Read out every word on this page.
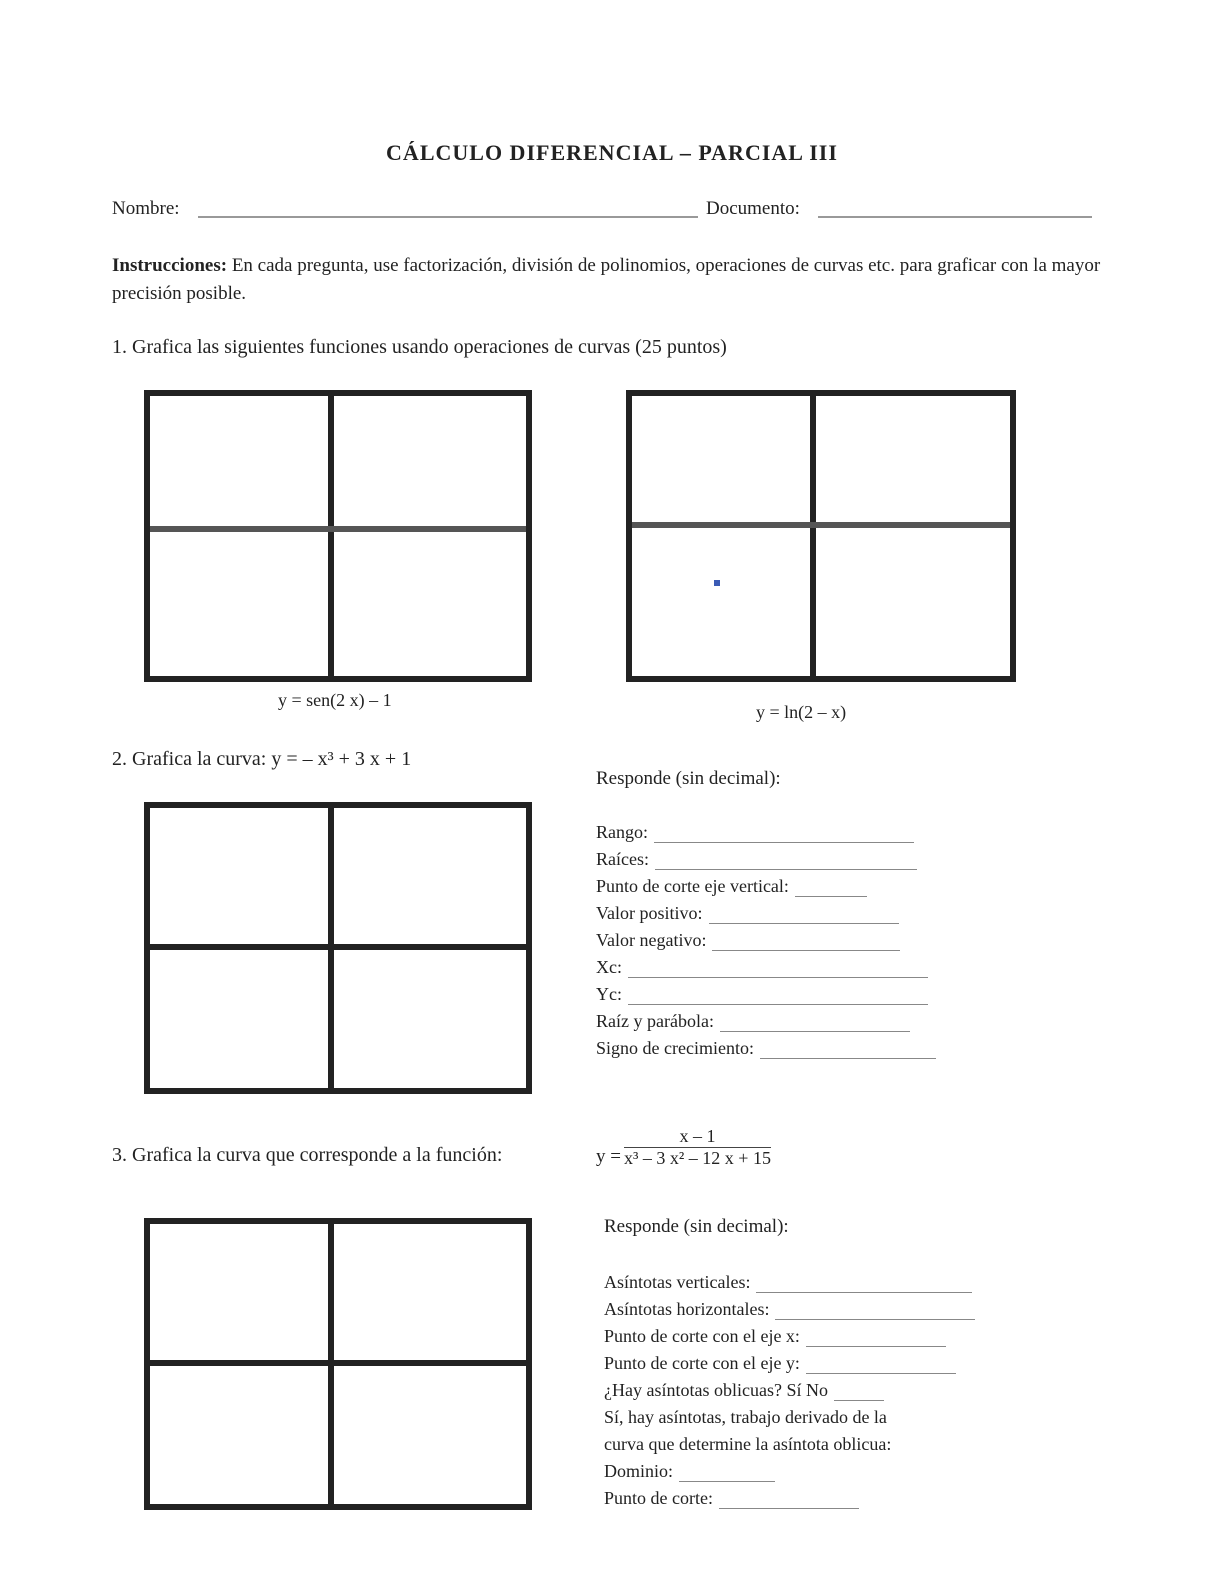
CÁLCULO DIFERENCIAL – PARCIAL III
Nombre:	Documento:
Instrucciones: En cada pregunta, use factorización, división de polinomios, operaciones de curvas etc. para graficar con la mayor precisión posible.
1. Grafica las siguientes funciones usando operaciones de curvas (25 puntos)
y = sen(2 x) – 1
y = ln(2 – x)
2. Grafica la curva: y = – x³ + 3 x + 1
Responde (sin decimal):
Rango:
Raíces:
Punto de corte eje vertical:
Valor positivo:
Valor negativo:
Xc:
Yc:
Raíz y parábola:
Signo de crecimiento:
3. Grafica la curva que corresponde a la función:	$y = \frac{x - 1}{\text{x³ – 3 x² – 12 x + 15}}$
Responde (sin decimal):
Asíntotas verticales:
Asíntotas horizontales:
Punto de corte con el eje x:
Punto de corte con el eje y:
¿Hay asíntotas oblicuas? Sí No
Sí, hay asíntotas, trabajo derivado de la
curva que determine la asíntota oblicua:
Dominio:
Punto de corte:
